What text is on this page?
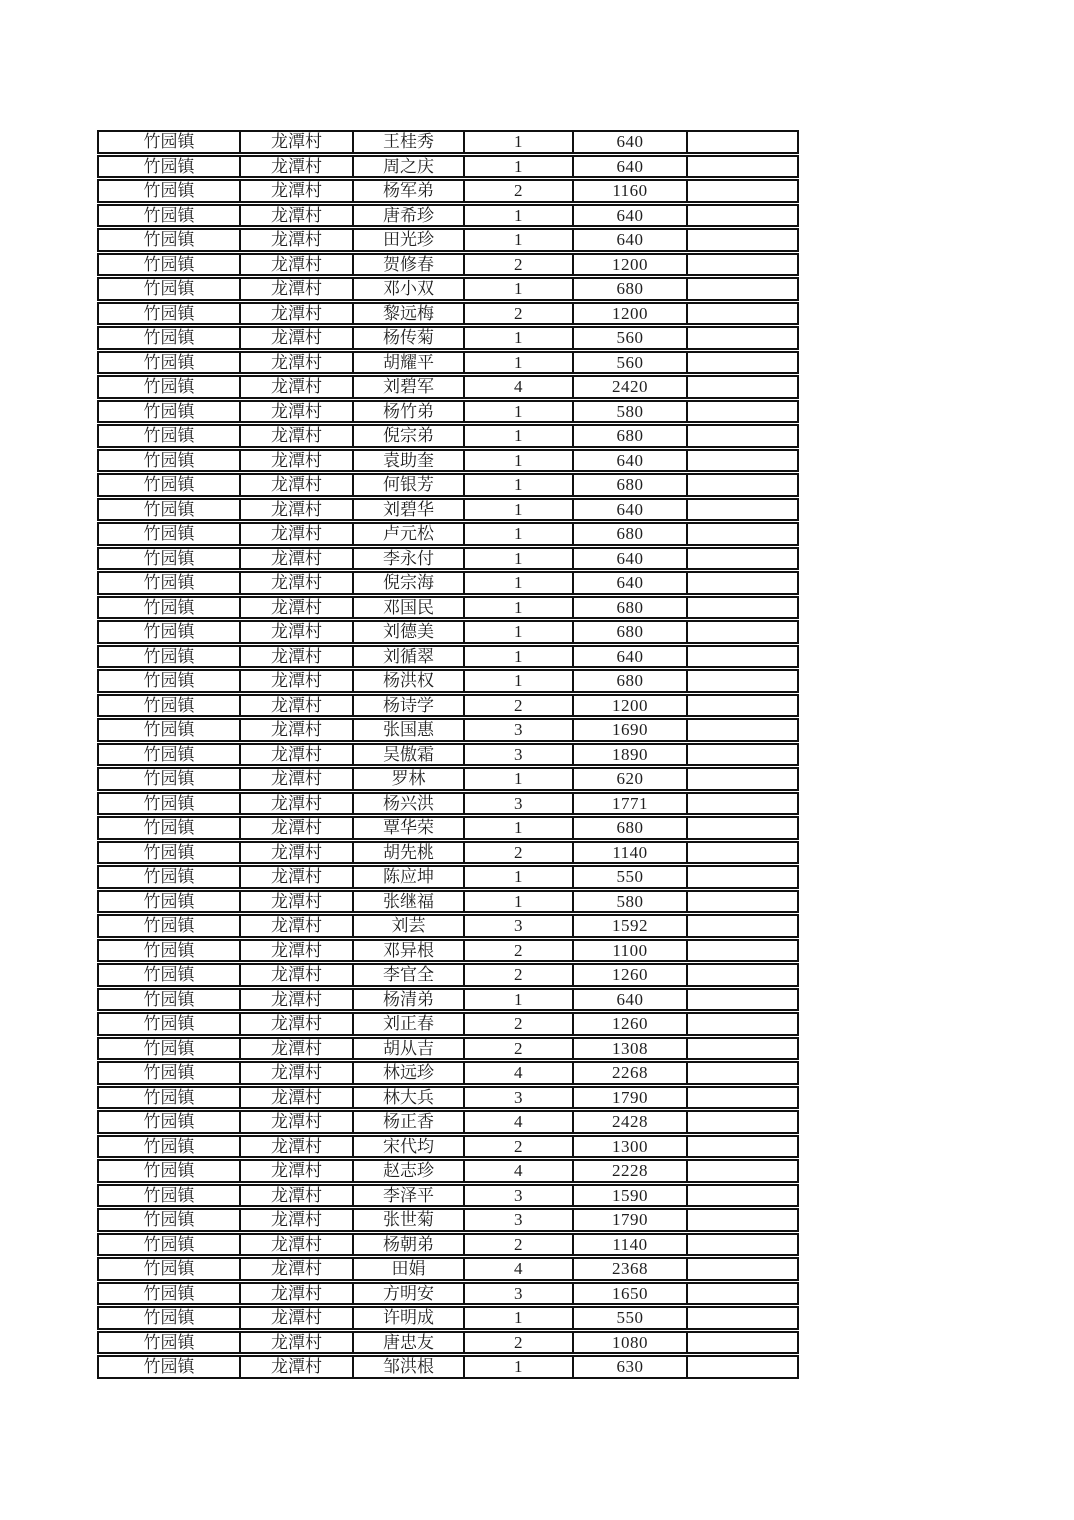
竹园镇	龙潭村	王桂秀	1	640	
竹园镇	龙潭村	周之庆	1	640	
竹园镇	龙潭村	杨军弟	2	1160	
竹园镇	龙潭村	唐希珍	1	640	
竹园镇	龙潭村	田光珍	1	640	
竹园镇	龙潭村	贺修春	2	1200	
竹园镇	龙潭村	邓小双	1	680	
竹园镇	龙潭村	黎远梅	2	1200	
竹园镇	龙潭村	杨传菊	1	560	
竹园镇	龙潭村	胡耀平	1	560	
竹园镇	龙潭村	刘碧军	4	2420	
竹园镇	龙潭村	杨竹弟	1	580	
竹园镇	龙潭村	倪宗弟	1	680	
竹园镇	龙潭村	袁助奎	1	640	
竹园镇	龙潭村	何银芳	1	680	
竹园镇	龙潭村	刘碧华	1	640	
竹园镇	龙潭村	卢元松	1	680	
竹园镇	龙潭村	李永付	1	640	
竹园镇	龙潭村	倪宗海	1	640	
竹园镇	龙潭村	邓国民	1	680	
竹园镇	龙潭村	刘德美	1	680	
竹园镇	龙潭村	刘循翠	1	640	
竹园镇	龙潭村	杨洪权	1	680	
竹园镇	龙潭村	杨诗学	2	1200	
竹园镇	龙潭村	张国惠	3	1690	
竹园镇	龙潭村	吴傲霜	3	1890	
竹园镇	龙潭村	罗林	1	620	
竹园镇	龙潭村	杨兴洪	3	1771	
竹园镇	龙潭村	覃华荣	1	680	
竹园镇	龙潭村	胡先桃	2	1140	
竹园镇	龙潭村	陈应坤	1	550	
竹园镇	龙潭村	张继福	1	580	
竹园镇	龙潭村	刘芸	3	1592	
竹园镇	龙潭村	邓异根	2	1100	
竹园镇	龙潭村	李官全	2	1260	
竹园镇	龙潭村	杨清弟	1	640	
竹园镇	龙潭村	刘正春	2	1260	
竹园镇	龙潭村	胡从吉	2	1308	
竹园镇	龙潭村	林远珍	4	2268	
竹园镇	龙潭村	林大兵	3	1790	
竹园镇	龙潭村	杨正香	4	2428	
竹园镇	龙潭村	宋代均	2	1300	
竹园镇	龙潭村	赵志珍	4	2228	
竹园镇	龙潭村	李泽平	3	1590	
竹园镇	龙潭村	张世菊	3	1790	
竹园镇	龙潭村	杨朝弟	2	1140	
竹园镇	龙潭村	田娟	4	2368	
竹园镇	龙潭村	方明安	3	1650	
竹园镇	龙潭村	许明成	1	550	
竹园镇	龙潭村	唐忠友	2	1080	
竹园镇	龙潭村	邹洪根	1	630	
